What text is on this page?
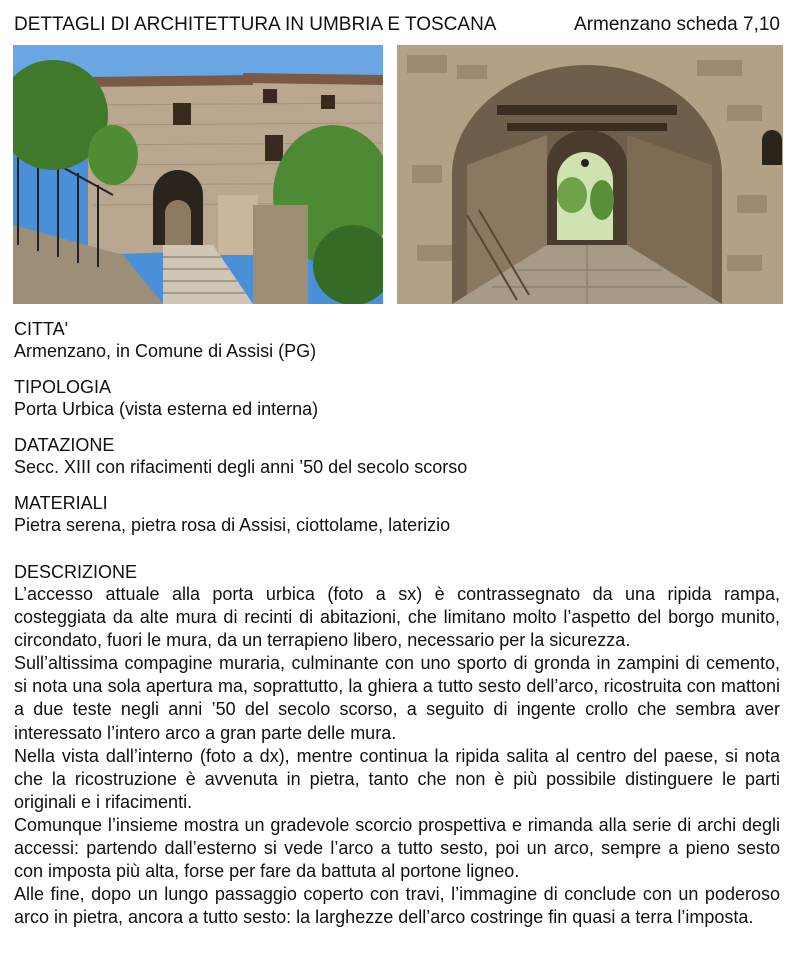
DETTAGLI DI ARCHITETTURA IN UMBRIA E TOSCANA	Armenzano scheda 7,10
CITTA'
Armenzano, in Comune di Assisi (PG)
TIPOLOGIA
Porta Urbica (vista esterna ed interna)
DATAZIONE
Secc. XIII con rifacimenti degli anni ’50 del secolo scorso
MATERIALI
Pietra serena, pietra rosa di Assisi, ciottolame, laterizio
DESCRIZIONE

L’accesso attuale alla porta urbica (foto a sx) è contrassegnato da una ripida rampa, costeggiata da alte mura di recinti di abitazioni, che limitano molto l’aspetto del borgo munito, circondato, fuori le mura, da un terrapieno libero, necessario per la sicurezza.

Sull’altissima compagine muraria, culminante con uno sporto di gronda in zampini di cemento, si nota una sola apertura ma, soprattutto, la ghiera a tutto sesto dell’arco, ricostruita con mattoni a due teste negli anni ’50 del secolo scorso, a seguito di ingente crollo che sembra aver interessato l’intero arco a gran parte delle mura.

Nella vista dall’interno (foto a dx), mentre continua la ripida salita al centro del paese, si nota che la ricostruzione è avvenuta in pietra, tanto che non è più possibile distinguere le parti originali e i rifacimenti.

Comunque l’insieme mostra un gradevole scorcio prospettiva e rimanda alla serie di archi degli accessi: partendo dall’esterno si vede l’arco a tutto sesto, poi un arco, sempre a pieno sesto con imposta più alta, forse per fare da battuta al portone ligneo.

Alle fine, dopo un lungo passaggio coperto con travi, l’immagine di conclude con un poderoso arco in pietra, ancora a tutto sesto: la larghezze dell’arco costringe fin quasi a terra l’imposta.
